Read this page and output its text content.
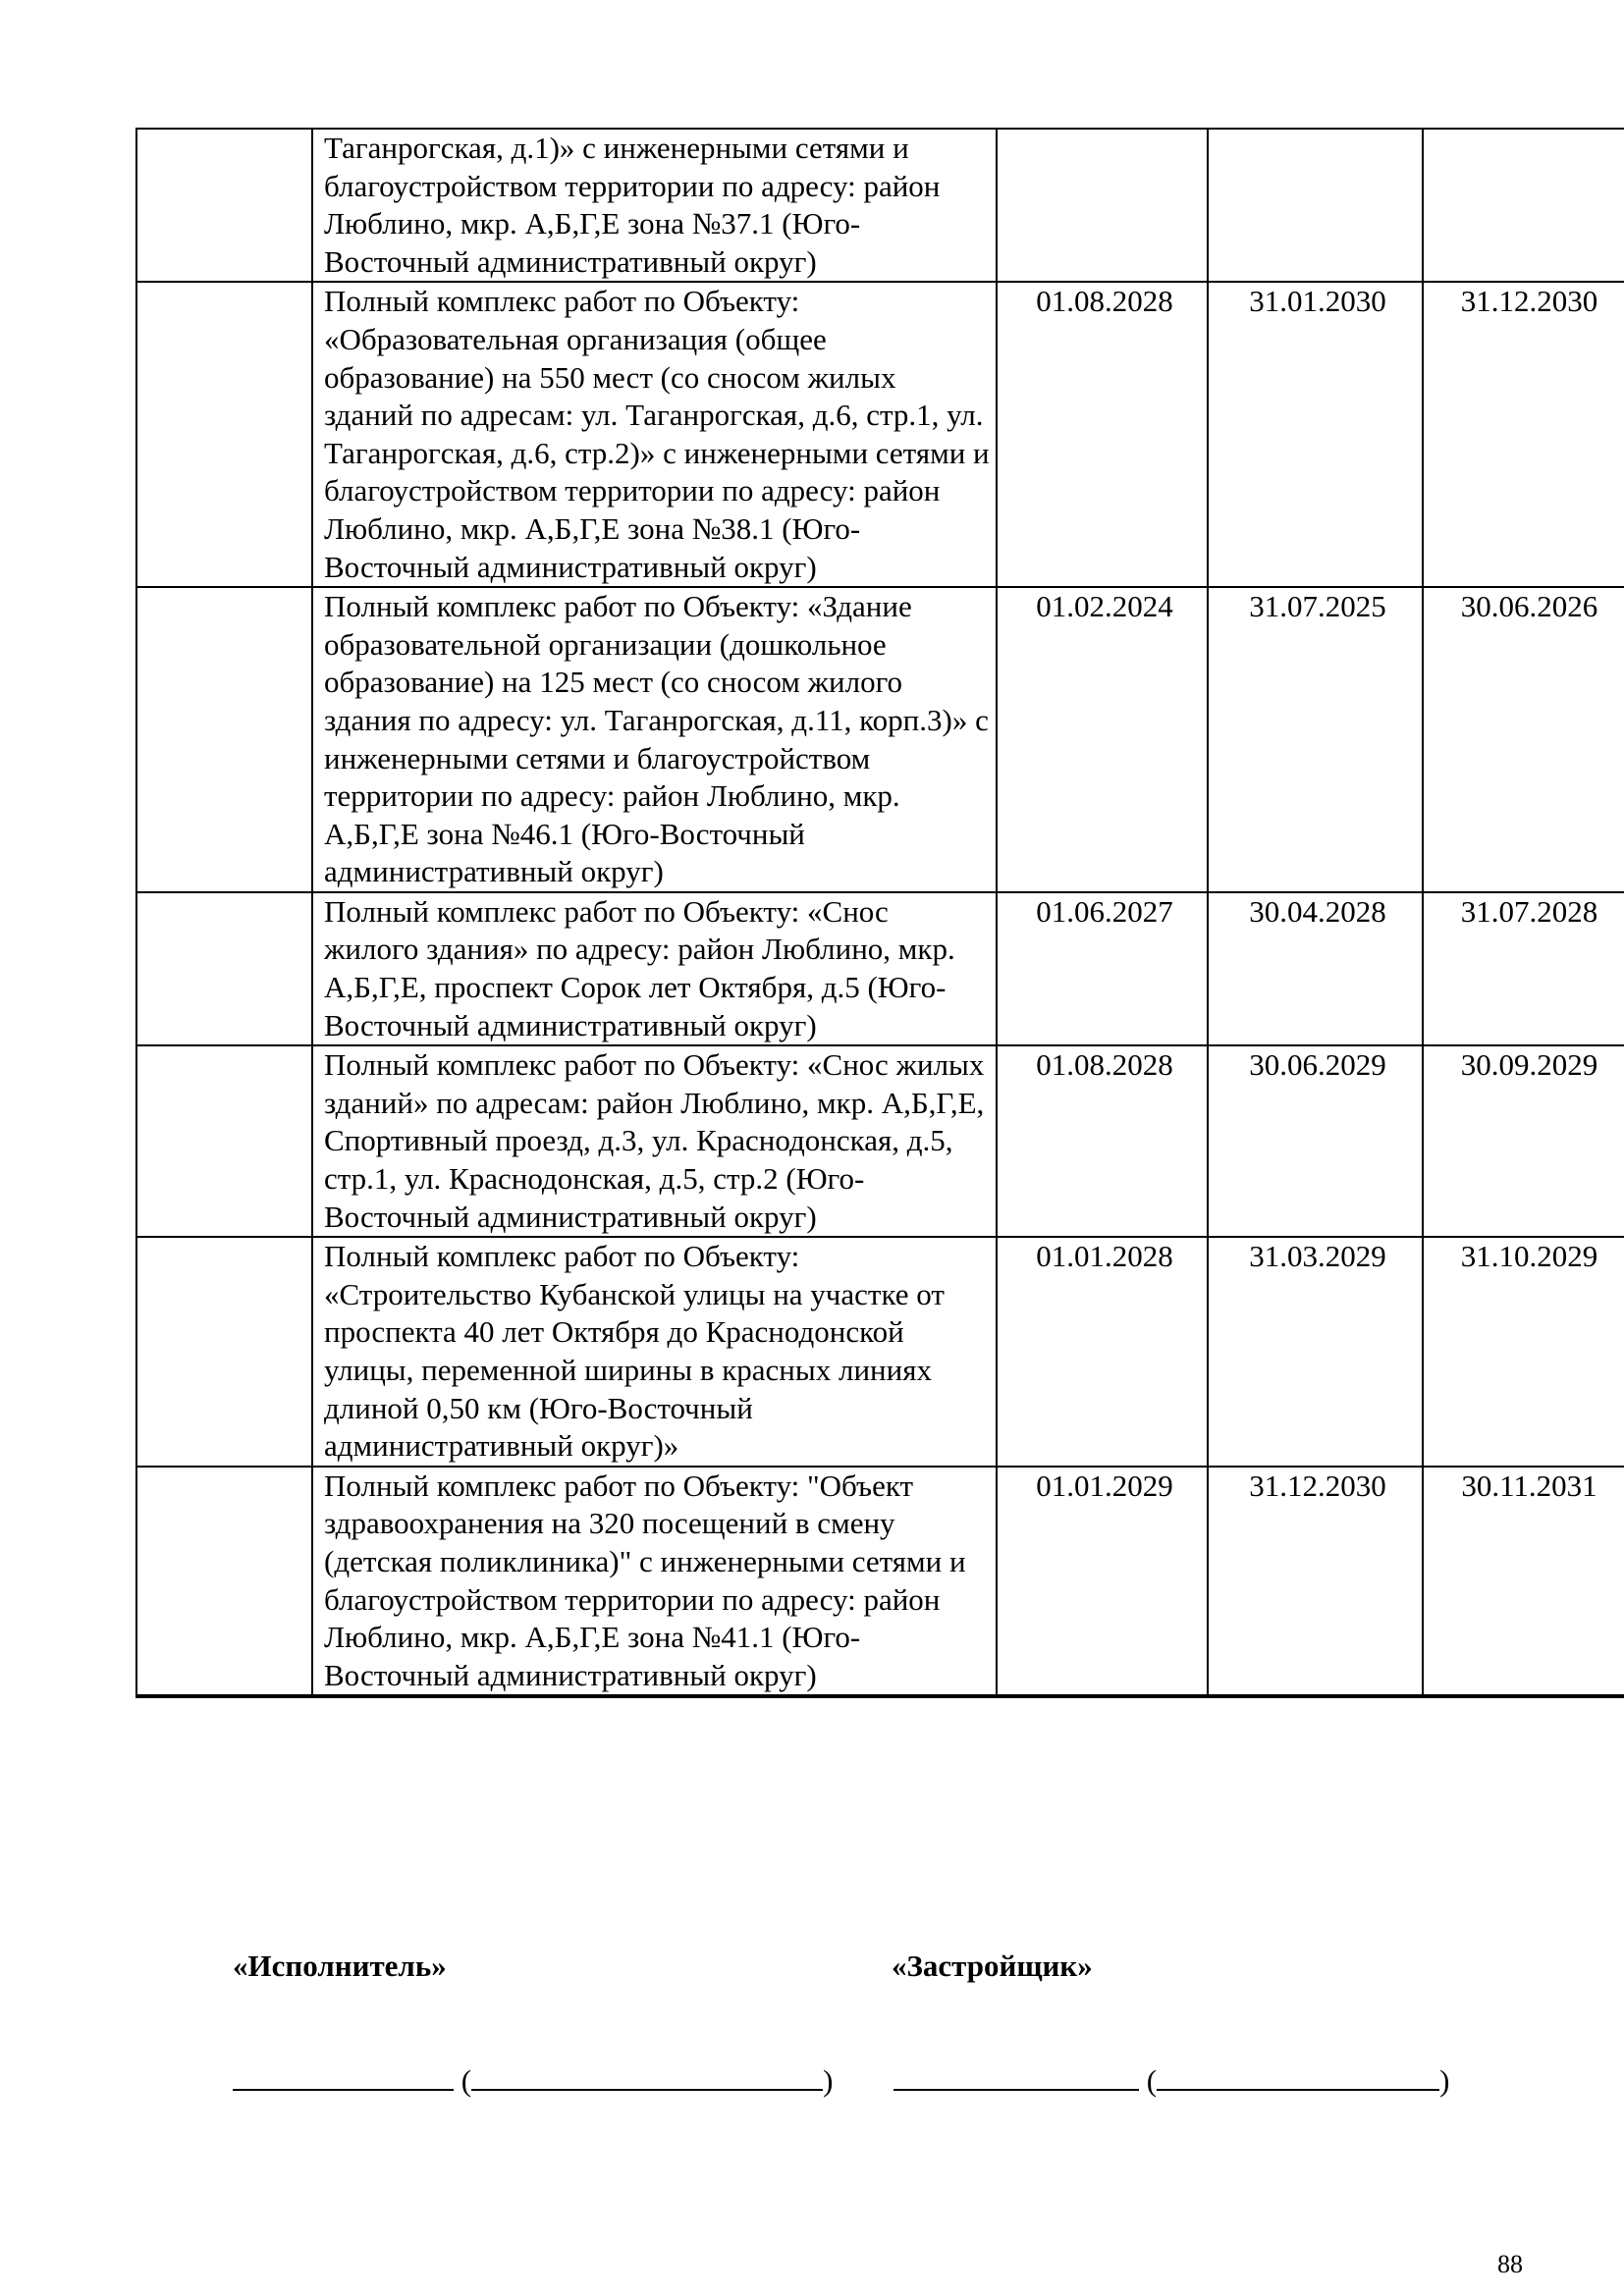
	Таганрогская, д.1)» с инженерными сетями и благоустройством территории по адресу: район Люблино, мкр. А,Б,Г,Е зона №37.1 (Юго-Восточный административный округ)			
	Полный комплекс работ по Объекту: «Образовательная организация (общее образование) на 550 мест (со сносом жилых зданий по адресам: ул. Таганрогская, д.6, стр.1, ул. Таганрогская, д.6, стр.2)» с инженерными сетями и благоустройством территории по адресу: район Люблино, мкр. А,Б,Г,Е зона №38.1 (Юго-Восточный административный округ)	01.08.2028	31.01.2030	31.12.2030
	Полный комплекс работ по Объекту: «Здание образовательной организации (дошкольное образование) на 125 мест (со сносом жилого здания по адресу: ул. Таганрогская, д.11, корп.3)» с инженерными сетями и благоустройством территории по адресу: район Люблино, мкр. А,Б,Г,Е зона №46.1 (Юго-Восточный административный округ)	01.02.2024	31.07.2025	30.06.2026
	Полный комплекс работ по Объекту: «Снос жилого здания» по адресу: район Люблино, мкр. А,Б,Г,Е, проспект Сорок лет Октября, д.5 (Юго-Восточный административный округ)	01.06.2027	30.04.2028	31.07.2028
	Полный комплекс работ по Объекту: «Снос жилых зданий» по адресам: район Люблино, мкр. А,Б,Г,Е, Спортивный проезд, д.3, ул. Краснодонская, д.5, стр.1, ул. Краснодонская, д.5, стр.2 (Юго-Восточный административный округ)	01.08.2028	30.06.2029	30.09.2029
	Полный комплекс работ по Объекту: «Строительство Кубанской улицы на участке от проспекта 40 лет Октября до Краснодонской улицы, переменной ширины в красных линиях длиной 0,50 км (Юго-Восточный административный округ)»	01.01.2028	31.03.2029	31.10.2029
	Полный комплекс работ по Объекту: "Объект здравоохранения на 320 посещений в смену (детская поликлиника)" с инженерными сетями и благоустройством территории по адресу: район Люблино, мкр. А,Б,Г,Е зона №41.1 (Юго-Восточный административный округ)	01.01.2029	31.12.2030	30.11.2031
«Исполнитель»	«Застройщик»
(	)	(	)
88
